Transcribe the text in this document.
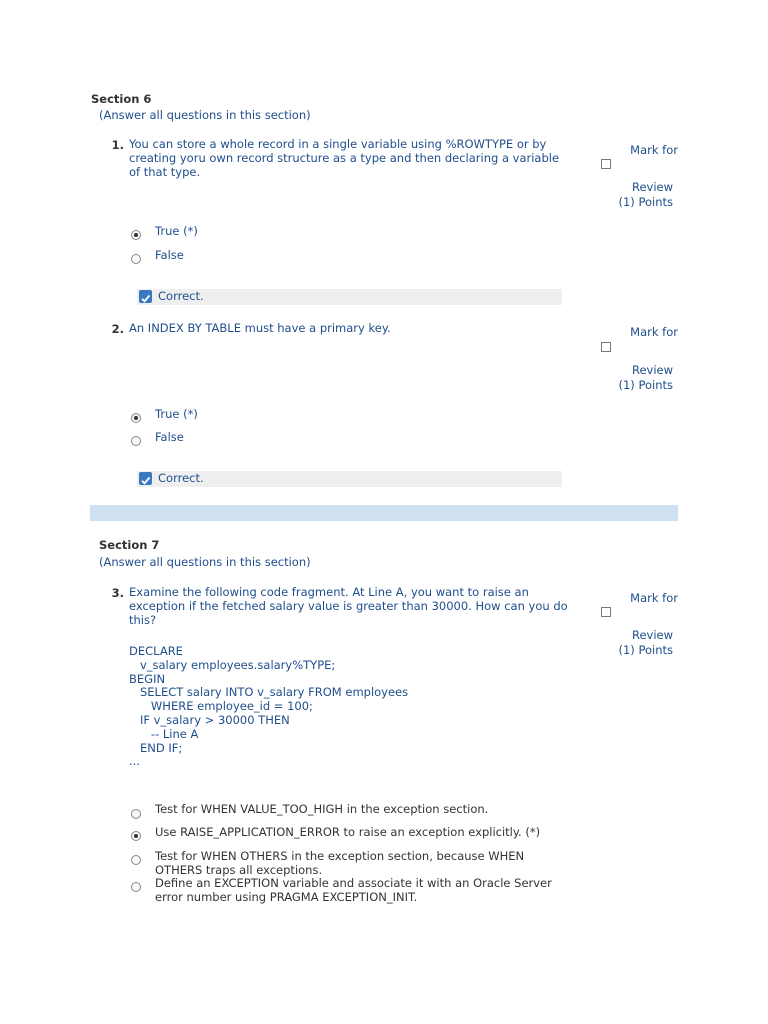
Section 6
(Answer all questions in this section)
1. You can store a whole record in a single variable using %ROWTYPE or by
creating yoru own record structure as a type and then declaring a variable
of that type.
Mark for
Review
(1) Points
True (*)
False
Correct.
2. An INDEX BY TABLE must have a primary key.	Mark for
Review
(1) Points
True (*)
False
Correct.
Section 7
(Answer all questions in this section)
3. Examine the following code fragment. At Line A, you want to raise an
exception if the fetched salary value is greater than 30000. How can you do
this?
DECLARE
v_salary employees.salary%TYPE;
BEGIN
SELECT salary INTO v_salary FROM employees
WHERE employee_id = 100;
IF v_salary > 30000 THEN
-- Line A
END IF;
...
Mark for
Review
(1) Points
Test for WHEN VALUE_TOO_HIGH in the exception section.
Use RAISE_APPLICATION_ERROR to raise an exception explicitly. (*)
Test for WHEN OTHERS in the exception section, because WHEN
OTHERS traps all exceptions.
Define an EXCEPTION variable and associate it with an Oracle Server
error number using PRAGMA EXCEPTION_INIT.
